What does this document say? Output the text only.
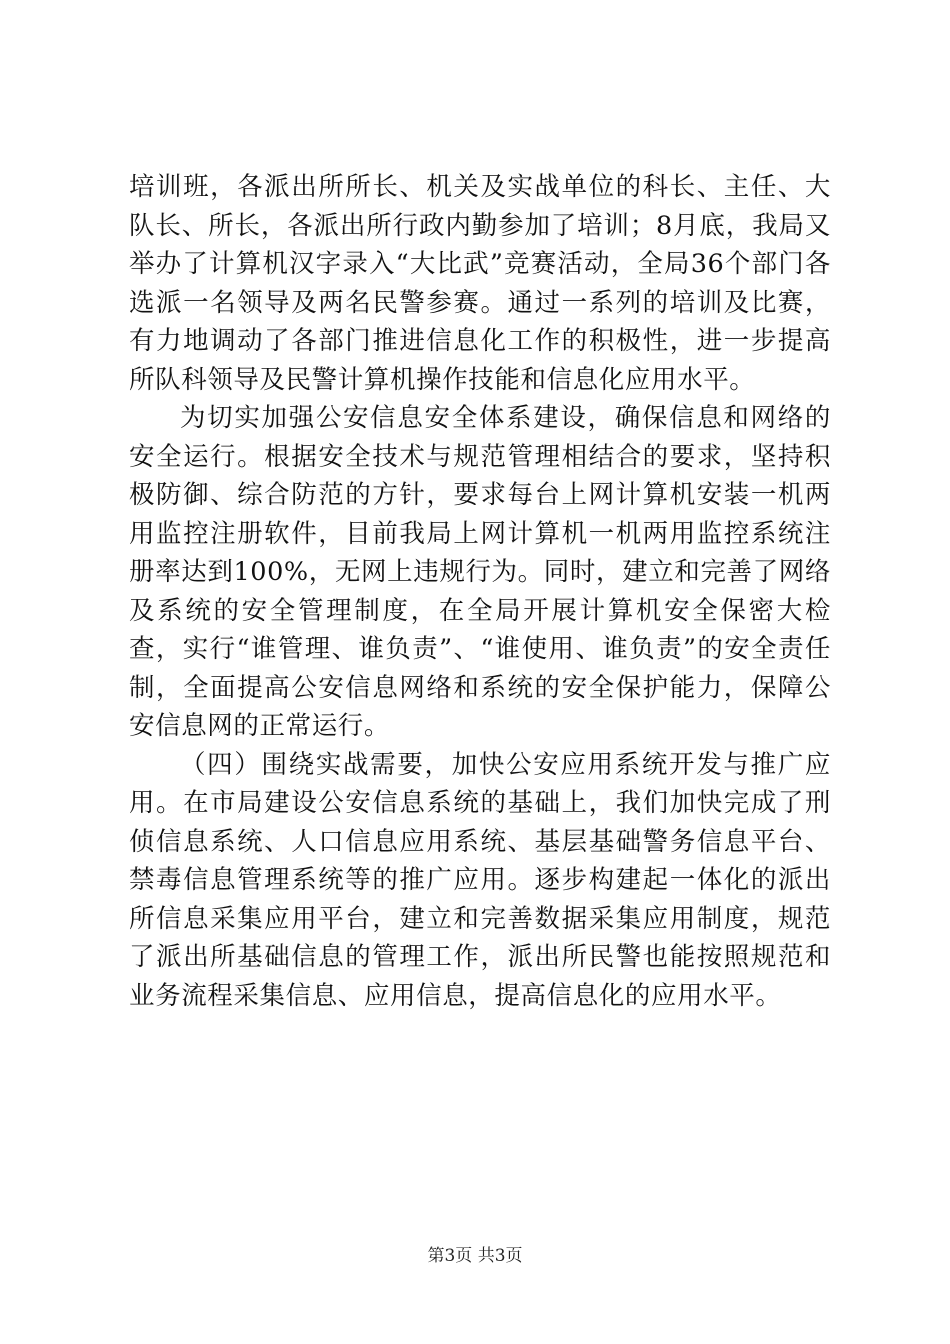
培训班，各派出所所长、机关及实战单位的科长、主任、大队长、所长，各派出所行政内勤参加了培训；8月底，我局又举办了计算机汉字录入“大比武”竞赛活动，全局36个部门各选派一名领导及两名民警参赛。通过一系列的培训及比赛，有力地调动了各部门推进信息化工作的积极性，进一步提高所队科领导及民警计算机操作技能和信息化应用水平。

为切实加强公安信息安全体系建设，确保信息和网络的安全运行。根据安全技术与规范管理相结合的要求，坚持积极防御、综合防范的方针，要求每台上网计算机安装一机两用监控注册软件，目前我局上网计算机一机两用监控系统注册率达到100%，无网上违规行为。同时，建立和完善了网络及系统的安全管理制度，在全局开展计算机安全保密大检查，实行“谁管理、谁负责”、“谁使用、谁负责”的安全责任制，全面提高公安信息网络和系统的安全保护能力，保障公安信息网的正常运行。

（四）围绕实战需要，加快公安应用系统开发与推广应用。在市局建设公安信息系统的基础上，我们加快完成了刑侦信息系统、人口信息应用系统、基层基础警务信息平台、禁毒信息管理系统等的推广应用。逐步构建起一体化的派出所信息采集应用平台，建立和完善数据采集应用制度，规范了派出所基础信息的管理工作，派出所民警也能按照规范和业务流程采集信息、应用信息，提高信息化的应用水平。

第3页 共3页
